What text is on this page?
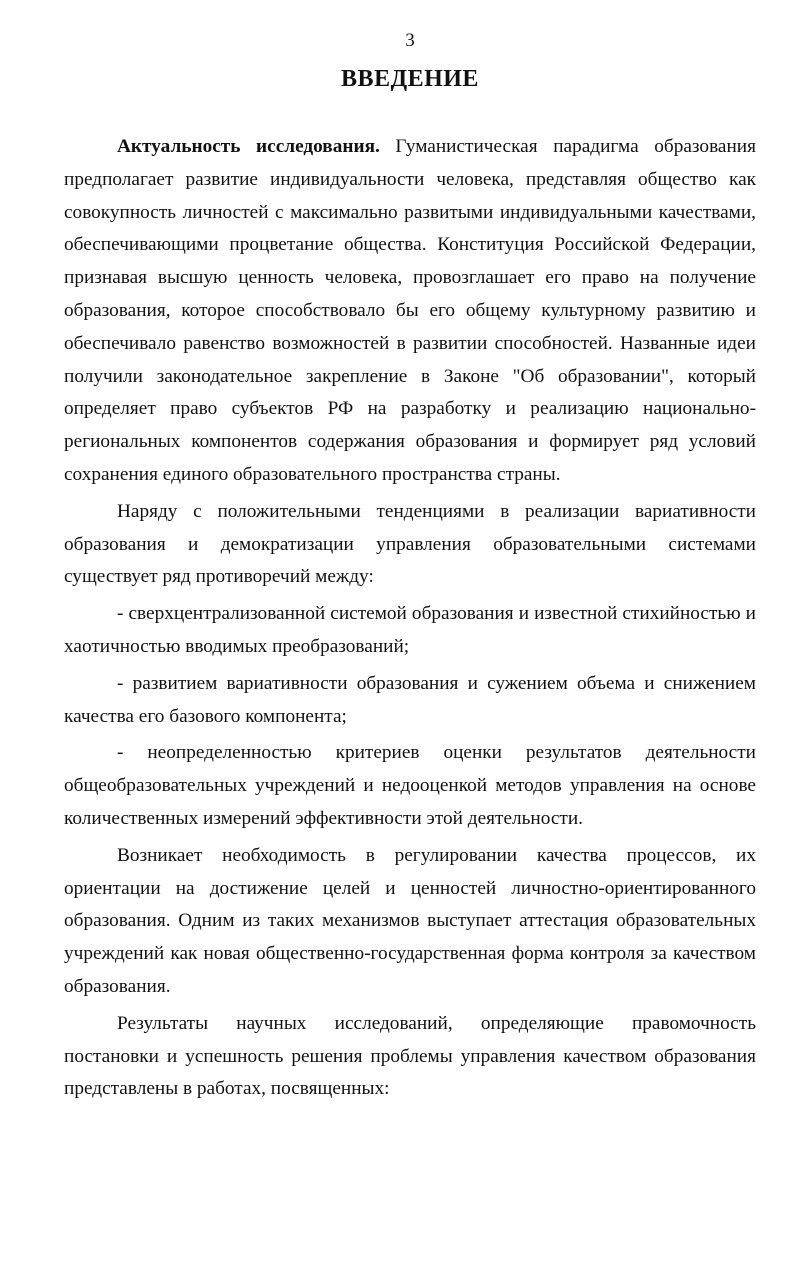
3
ВВЕДЕНИЕ

Актуальность исследования. Гуманистическая парадигма образования предполагает развитие индивидуальности человека, представляя общество как совокупность личностей с максимально развитыми индивидуальными качествами, обеспечивающими процветание общества. Конституция Российской Федерации, признавая высшую ценность человека, провозглашает его право на получение образования, которое способствовало бы его общему культурному развитию и обеспечивало равенство возможностей в развитии способностей. Названные идеи получили законодательное закрепление в Законе "Об образовании", который определяет право субъектов РФ на разработку и реализацию национально-региональных компонентов содержания образования и формирует ряд условий сохранения единого образовательного пространства страны.

Наряду с положительными тенденциями в реализации вариативности образования и демократизации управления образовательными системами существует ряд противоречий между:

- сверхцентрализованной системой образования и известной стихийностью и хаотичностью вводимых преобразований;

- развитием вариативности образования и сужением объема и снижением качества его базового компонента;

- неопределенностью критериев оценки результатов деятельности общеобразовательных учреждений и недооценкой методов управления на основе количественных измерений эффективности этой деятельности.

Возникает необходимость в регулировании качества процессов, их ориентации на достижение целей и ценностей личностно-ориентированного образования. Одним из таких механизмов выступает аттестация образовательных учреждений как новая общественно-государственная форма контроля за качеством образования.

Результаты научных исследований, определяющие правомочность постановки и успешность решения проблемы управления качеством образования представлены в работах, посвященных:
